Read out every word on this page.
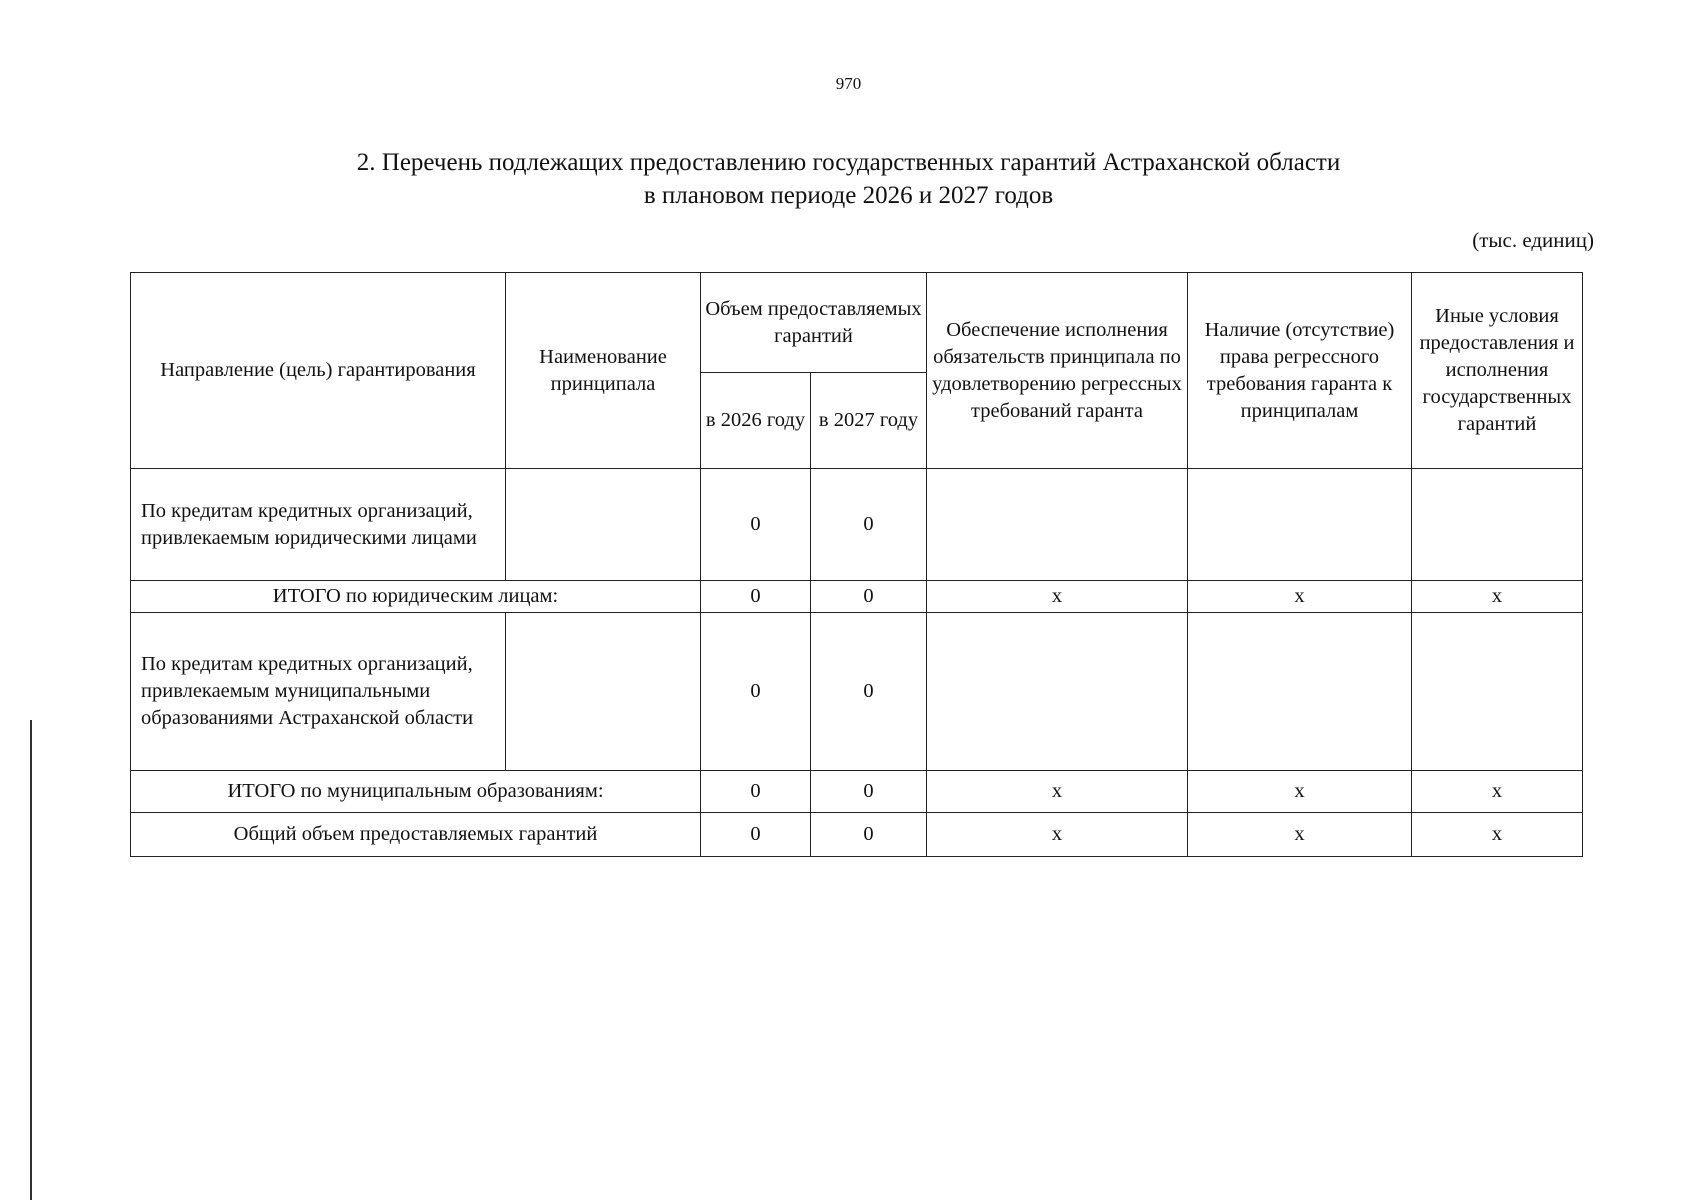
970
2. Перечень подлежащих предоставлению государственных гарантий Астраханской области
в плановом периоде 2026 и 2027 годов
(тыс. единиц)
Направление (цель) гарантирования	Наименование принципала	Объем предоставляемых гарантий		Обеспечение исполнения обязательств принципала по удовлетворению регрессных требований гаранта	Наличие (отсутствие) права регрессного требования гаранта к принципалам	Иные условия предоставления и исполнения государственных гарантий
		в 2026 году	в 2027 году			
По кредитам кредитных организаций, привлекаемым юридическими лицами		0	0			
ИТОГО по юридическим лицам:		0	0	х	х	х
По кредитам кредитных организаций, привлекаемым муниципальными образованиями Астраханской области		0	0			
ИТОГО по муниципальным образованиям:		0	0	х	х	х
Общий объем предоставляемых гарантий		0	0	х	х	х
